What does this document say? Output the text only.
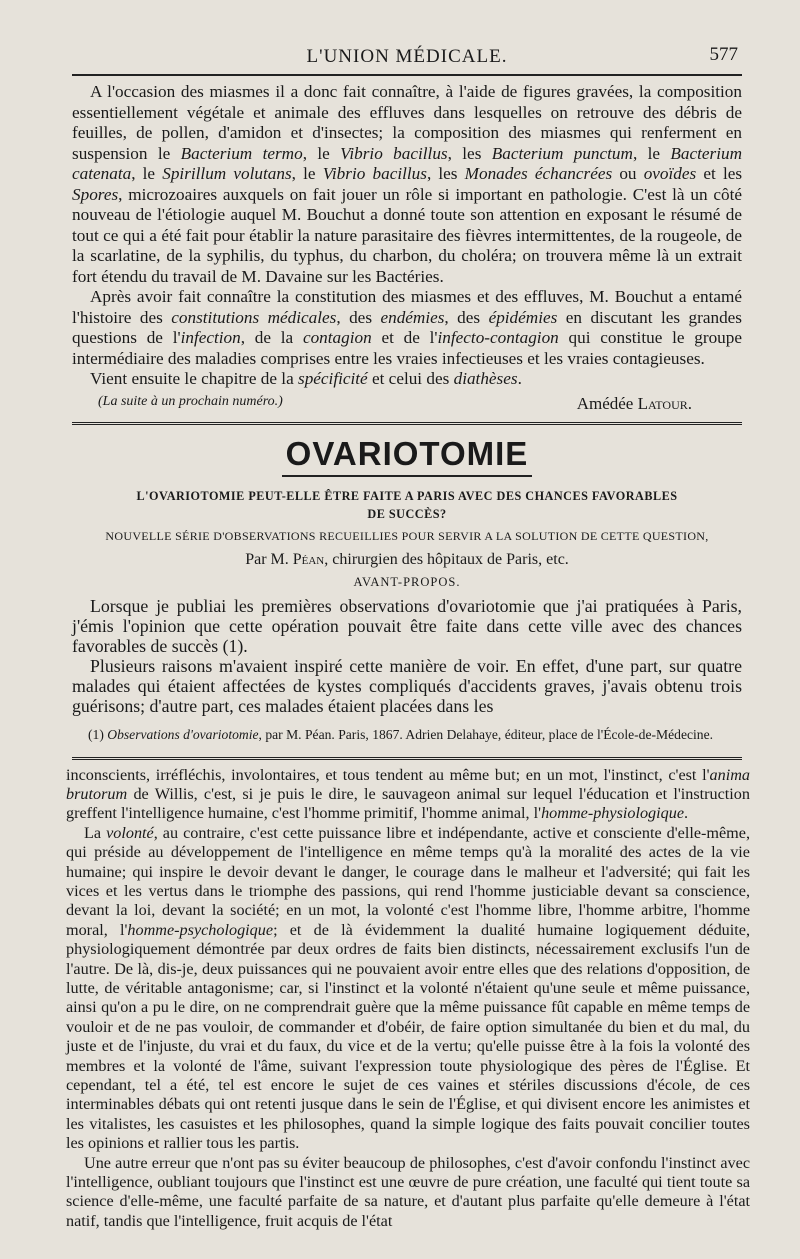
L'UNION MÉDICALE.	577

A l'occasion des miasmes il a donc fait connaître, à l'aide de figures gravées, la composition essentiellement végétale et animale des effluves dans lesquelles on retrouve des débris de feuilles, de pollen, d'amidon et d'insectes; la composition des miasmes qui renferment en suspension le Bacterium termo, le Vibrio bacillus, les Bacterium punctum, le Bacterium catenata, le Spirillum volutans, le Vibrio bacillus, les Monades échancrées ou ovoïdes et les Spores, microzoaires auxquels on fait jouer un rôle si important en pathologie. C'est là un côté nouveau de l'étiologie auquel M. Bouchut a donné toute son attention en exposant le résumé de tout ce qui a été fait pour établir la nature parasitaire des fièvres intermittentes, de la rougeole, de la scarlatine, de la syphilis, du typhus, du charbon, du choléra; on trouvera même là un extrait fort étendu du travail de M. Davaine sur les Bactéries.

Après avoir fait connaître la constitution des miasmes et des effluves, M. Bouchut a entamé l'histoire des constitutions médicales, des endémies, des épidémies en discutant les grandes questions de l'infection, de la contagion et de l'infecto-contagion qui constitue le groupe intermédiaire des maladies comprises entre les vraies infectieuses et les vraies contagieuses.

Vient ensuite le chapitre de la spécificité et celui des diathèses.

(La suite à un prochain numéro.)	Amédée Latour.
OVARIOTOMIE
L'OVARIOTOMIE PEUT-ELLE ÊTRE FAITE A PARIS AVEC DES CHANCES FAVORABLES
DE SUCCÈS?
NOUVELLE SÉRIE D'OBSERVATIONS RECUEILLIES POUR SERVIR A LA SOLUTION DE CETTE QUESTION,
Par M. Péan, chirurgien des hôpitaux de Paris, etc.
AVANT-PROPOS.

Lorsque je publiai les premières observations d'ovariotomie que j'ai pratiquées à Paris, j'émis l'opinion que cette opération pouvait être faite dans cette ville avec des chances favorables de succès (1).

Plusieurs raisons m'avaient inspiré cette manière de voir. En effet, d'une part, sur quatre malades qui étaient affectées de kystes compliqués d'accidents graves, j'avais obtenu trois guérisons; d'autre part, ces malades étaient placées dans les

(1) Observations d'ovariotomie, par M. Péan. Paris, 1867. Adrien Delahaye, éditeur, place de l'École-de-Médecine.

inconscients, irréfléchis, involontaires, et tous tendent au même but; en un mot, l'instinct, c'est l'anima brutorum de Willis, c'est, si je puis le dire, le sauvageon animal sur lequel l'éducation et l'instruction greffent l'intelligence humaine, c'est l'homme primitif, l'homme animal, l'homme-physiologique.

La volonté, au contraire, c'est cette puissance libre et indépendante, active et consciente d'elle-même, qui préside au développement de l'intelligence en même temps qu'à la moralité des actes de la vie humaine; qui inspire le devoir devant le danger, le courage dans le malheur et l'adversité; qui fait les vices et les vertus dans le triomphe des passions, qui rend l'homme justiciable devant sa conscience, devant la loi, devant la société; en un mot, la volonté c'est l'homme libre, l'homme arbitre, l'homme moral, l'homme-psychologique; et de là évidemment la dualité humaine logiquement déduite, physiologiquement démontrée par deux ordres de faits bien distincts, nécessairement exclusifs l'un de l'autre. De là, dis-je, deux puissances qui ne pouvaient avoir entre elles que des relations d'opposition, de lutte, de véritable antagonisme; car, si l'instinct et la volonté n'étaient qu'une seule et même puissance, ainsi qu'on a pu le dire, on ne comprendrait guère que la même puissance fût capable en même temps de vouloir et de ne pas vouloir, de commander et d'obéir, de faire option simultanée du bien et du mal, du juste et de l'injuste, du vrai et du faux, du vice et de la vertu; qu'elle puisse être à la fois la volonté des membres et la volonté de l'âme, suivant l'expression toute physiologique des pères de l'Église. Et cependant, tel a été, tel est encore le sujet de ces vaines et stériles discussions d'école, de ces interminables débats qui ont retenti jusque dans le sein de l'Église, et qui divisent encore les animistes et les vitalistes, les casuistes et les philosophes, quand la simple logique des faits pouvait concilier toutes les opinions et rallier tous les partis.

Une autre erreur que n'ont pas su éviter beaucoup de philosophes, c'est d'avoir confondu l'instinct avec l'intelligence, oubliant toujours que l'instinct est une œuvre de pure création, une faculté qui tient toute sa science d'elle-même, une faculté parfaite de sa nature, et d'autant plus parfaite qu'elle demeure à l'état natif, tandis que l'intelligence, fruit acquis de l'état
